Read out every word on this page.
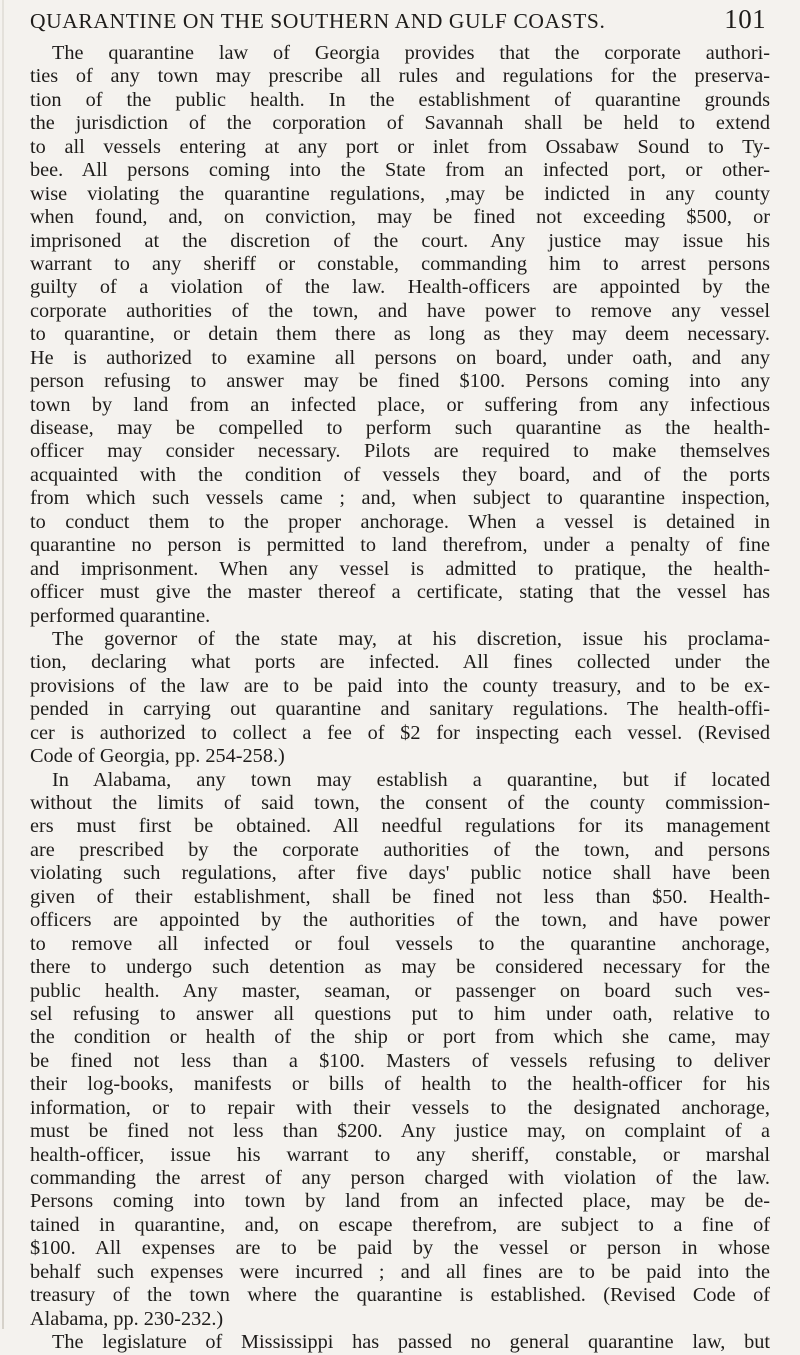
QUARANTINE ON THE SOUTHERN AND GULF COASTS.	101
The quarantine law of Georgia provides that the corporate authori-
ties of any town may prescribe all rules and regulations for the preserva-
tion of the public health. In the establishment of quarantine grounds
the jurisdiction of the corporation of Savannah shall be held to extend
to all vessels entering at any port or inlet from Ossabaw Sound to Ty-
bee. All persons coming into the State from an infected port, or other-
wise violating the quarantine regulations, ,may be indicted in any county
when found, and, on conviction, may be fined not exceeding $500, or
imprisoned at the discretion of the court. Any justice may issue his
warrant to any sheriff or constable, commanding him to arrest persons
guilty of a violation of the law. Health-officers are appointed by the
corporate authorities of the town, and have power to remove any vessel
to quarantine, or detain them there as long as they may deem necessary.
He is authorized to examine all persons on board, under oath, and any
person refusing to answer may be fined $100. Persons coming into any
town by land from an infected place, or suffering from any infectious
disease, may be compelled to perform such quarantine as the health-
officer may consider necessary. Pilots are required to make themselves
acquainted with the condition of vessels they board, and of the ports
from which such vessels came ; and, when subject to quarantine inspection,
to conduct them to the proper anchorage. When a vessel is detained in
quarantine no person is permitted to land therefrom, under a penalty of fine
and imprisonment. When any vessel is admitted to pratique, the health-
officer must give the master thereof a certificate, stating that the vessel has
performed quarantine.
The governor of the state may, at his discretion, issue his proclama-
tion, declaring what ports are infected. All fines collected under the
provisions of the law are to be paid into the county treasury, and to be ex-
pended in carrying out quarantine and sanitary regulations. The health-offi-
cer is authorized to collect a fee of $2 for inspecting each vessel. (Revised
Code of Georgia, pp. 254-258.)
In Alabama, any town may establish a quarantine, but if located
without the limits of said town, the consent of the county commission-
ers must first be obtained. All needful regulations for its management
are prescribed by the corporate authorities of the town, and persons
violating such regulations, after five days' public notice shall have been
given of their establishment, shall be fined not less than $50. Health-
officers are appointed by the authorities of the town, and have power
to remove all infected or foul vessels to the quarantine anchorage,
there to undergo such detention as may be considered necessary for the
public health. Any master, seaman, or passenger on board such ves-
sel refusing to answer all questions put to him under oath, relative to
the condition or health of the ship or port from which she came, may
be fined not less than a $100. Masters of vessels refusing to deliver
their log-books, manifests or bills of health to the health-officer for his
information, or to repair with their vessels to the designated anchorage,
must be fined not less than $200. Any justice may, on complaint of a
health-officer, issue his warrant to any sheriff, constable, or marshal
commanding the arrest of any person charged with violation of the law.
Persons coming into town by land from an infected place, may be de-
tained in quarantine, and, on escape therefrom, are subject to a fine of
$100. All expenses are to be paid by the vessel or person in whose
behalf such expenses were incurred ; and all fines are to be paid into the
treasury of the town where the quarantine is established. (Revised Code of
Alabama, pp. 230-232.)
The legislature of Mississippi has passed no general quarantine law, but
